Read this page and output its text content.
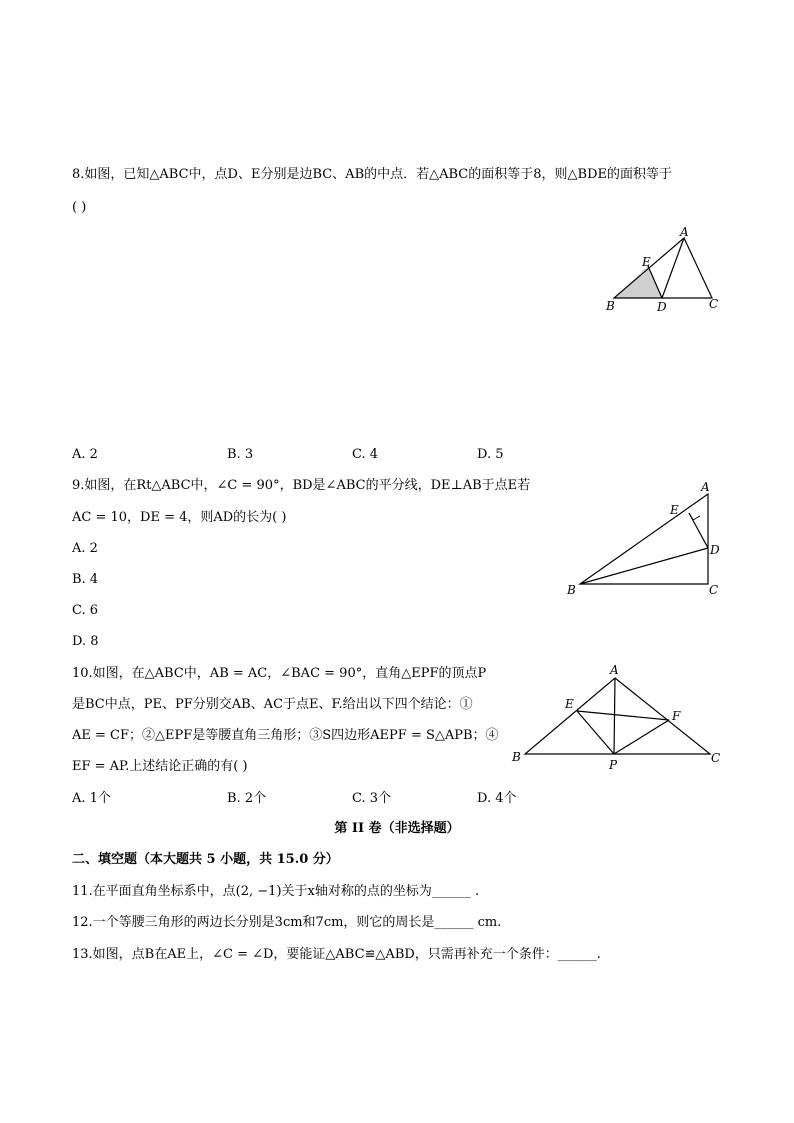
8.如图，已知△ABC中，点D、E分别是边BC、AB的中点．若△ABC的面积等于8，则△BDE的面积等于
( )
A
E
B	D	C
A. 2	B. 3	C. 4	D. 5
9.如图，在Rt△ABC中，∠C = 90°，BD是∠ABC的平分线，DE⊥AB于点E若
AC = 10，DE = 4，则AD的长为( )
A. 2
B. 4
C. 6
D. 8
A
E
D
B	C
10.如图，在△ABC中，AB = AC，∠BAC = 90°，直角△EPF的顶点P
是BC中点，PE、PF分别交AB、AC于点E、F.给出以下四个结论：①
AE = CF；②△EPF是等腰直角三角形；③S四边形AEPF = S△APB；④
EF = AP.上述结论正确的有( )
A
E
F
B
P	C
A. 1个	B. 2个	C. 3个	D. 4个
第 II 卷（非选择题）
二、填空题（本大题共 5 小题，共 15.0 分）
11.在平面直角坐标系中，点(2, −1)关于x轴对称的点的坐标为______ .
12.一个等腰三角形的两边长分别是3cm和7cm，则它的周长是______ cm.
13.如图，点B在AE上，∠C = ∠D，要能证△ABC≌△ABD，只需再补充一个条件：______.
